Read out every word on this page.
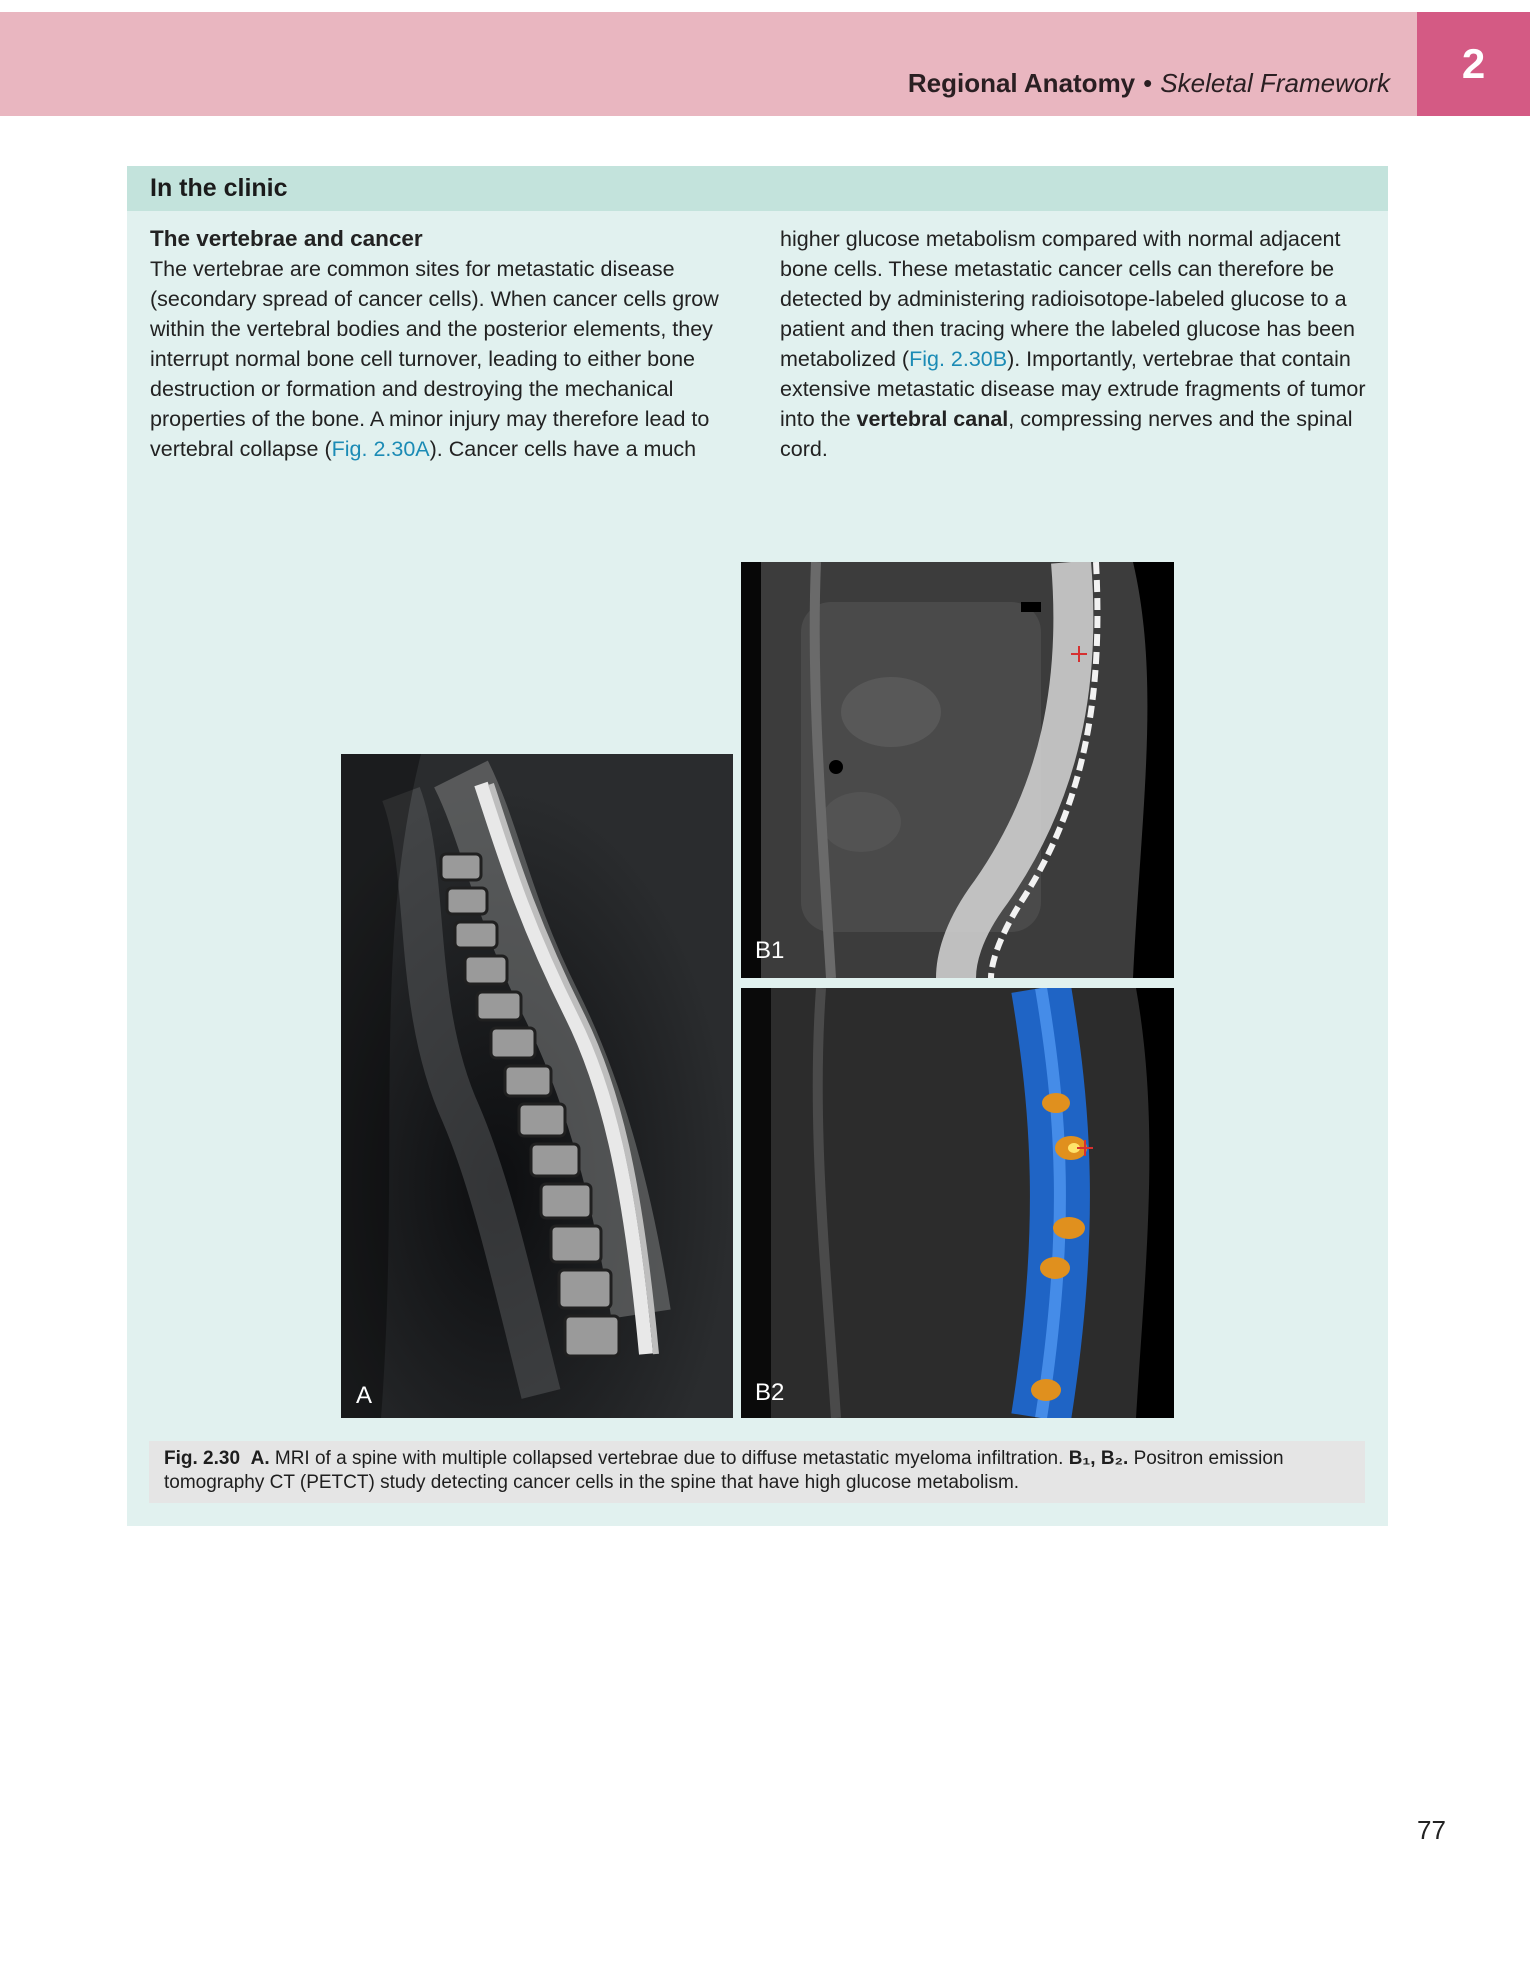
Regional Anatomy • Skeletal Framework 2
In the clinic
The vertebrae and cancer
The vertebrae are common sites for metastatic disease (secondary spread of cancer cells). When cancer cells grow within the vertebral bodies and the posterior elements, they interrupt normal bone cell turnover, leading to either bone destruction or formation and destroying the mechanical properties of the bone. A minor injury may therefore lead to vertebral collapse (Fig. 2.30A). Cancer cells have a much
higher glucose metabolism compared with normal adjacent bone cells. These metastatic cancer cells can therefore be detected by administering radioisotope-labeled glucose to a patient and then tracing where the labeled glucose has been metabolized (Fig. 2.30B). Importantly, vertebrae that contain extensive metastatic disease may extrude fragments of tumor into the vertebral canal, compressing nerves and the spinal cord.
A
B1
B2
Fig. 2.30 A. MRI of a spine with multiple collapsed vertebrae due to diffuse metastatic myeloma infiltration. B₁, B₂. Positron emission tomography CT (PETCT) study detecting cancer cells in the spine that have high glucose metabolism.
77
